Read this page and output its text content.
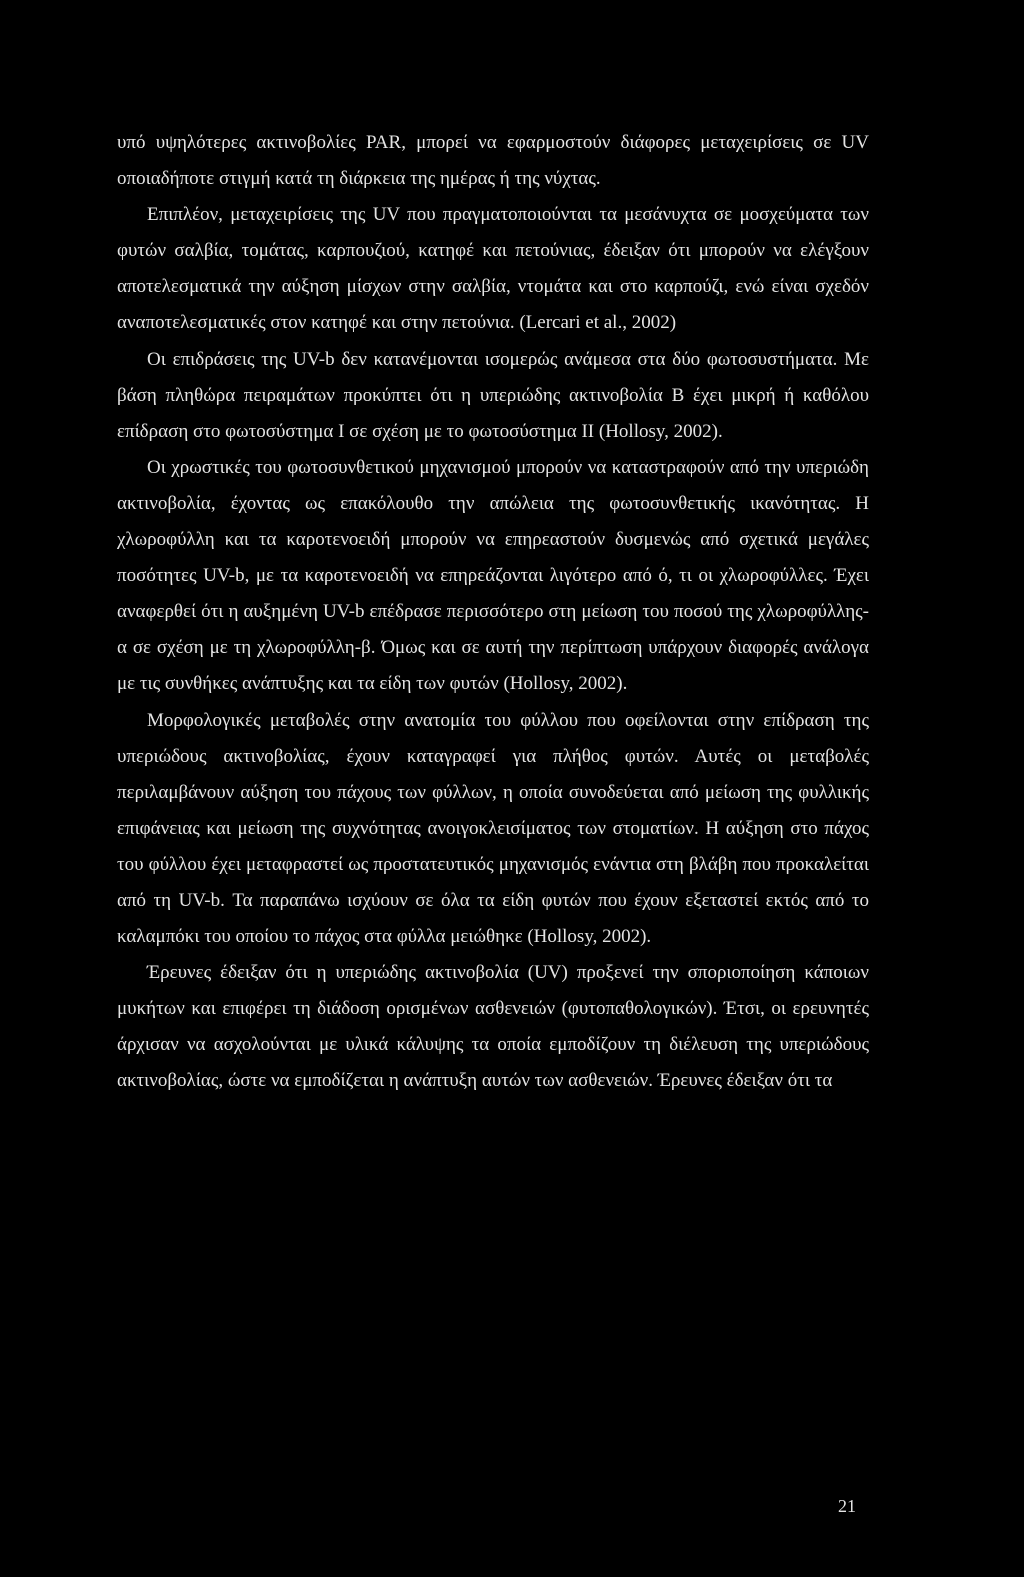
υπό υψηλότερες ακτινοβολίες PAR, μπορεί να εφαρμοστούν διάφορες μεταχειρίσεις σε UV οποιαδήποτε στιγμή κατά τη διάρκεια της ημέρας ή της νύχτας.

Επιπλέον, μεταχειρίσεις της UV που πραγματοποιούνται τα μεσάνυχτα σε μοσχεύματα των φυτών σαλβία, τομάτας, καρπουζιού, κατηφέ και πετούνιας, έδειξαν ότι μπορούν να ελέγξουν αποτελεσματικά την αύξηση μίσχων στην σαλβία, ντομάτα και στο καρπούζι, ενώ είναι σχεδόν αναποτελεσματικές στον κατηφέ και στην πετούνια. (Lercari et al., 2002)

Οι επιδράσεις της UV-b δεν κατανέμονται ισομερώς ανάμεσα στα δύο φωτοσυστήματα. Με βάση πληθώρα πειραμάτων προκύπτει ότι η υπεριώδης ακτινοβολία Β έχει μικρή ή καθόλου επίδραση στο φωτοσύστημα I σε σχέση με το φωτοσύστημα II (Hollosy, 2002).

Οι χρωστικές του φωτοσυνθετικού μηχανισμού μπορούν να καταστραφούν από την υπεριώδη ακτινοβολία, έχοντας ως επακόλουθο την απώλεια της φωτοσυνθετικής ικανότητας. Η χλωροφύλλη και τα καροτενοειδή μπορούν να επηρεαστούν δυσμενώς από σχετικά μεγάλες ποσότητες UV-b, με τα καροτενοειδή να επηρεάζονται λιγότερο από ό, τι οι χλωροφύλλες. Έχει αναφερθεί ότι η αυξημένη UV-b επέδρασε περισσότερο στη μείωση του ποσού της χλωροφύλλης-α σε σχέση με τη χλωροφύλλη-β. Όμως και σε αυτή την περίπτωση υπάρχουν διαφορές ανάλογα με τις συνθήκες ανάπτυξης και τα είδη των φυτών (Hollosy, 2002).

Μορφολογικές μεταβολές στην ανατομία του φύλλου που οφείλονται στην επίδραση της υπεριώδους ακτινοβολίας, έχουν καταγραφεί για πλήθος φυτών. Αυτές οι μεταβολές περιλαμβάνουν αύξηση του πάχους των φύλλων, η οποία συνοδεύεται από μείωση της φυλλικής επιφάνειας και μείωση της συχνότητας ανοιγοκλεισίματος των στοματίων. Η αύξηση στο πάχος του φύλλου έχει μεταφραστεί ως προστατευτικός μηχανισμός ενάντια στη βλάβη που προκαλείται από τη UV-b. Τα παραπάνω ισχύουν σε όλα τα είδη φυτών που έχουν εξεταστεί εκτός από το καλαμπόκι του οποίου το πάχος στα φύλλα μειώθηκε (Hollosy, 2002).

Έρευνες έδειξαν ότι η υπεριώδης ακτινοβολία (UV) προξενεί την σποριοποίηση κάποιων μυκήτων και επιφέρει τη διάδοση ορισμένων ασθενειών (φυτοπαθολογικών). Έτσι, οι ερευνητές άρχισαν να ασχολούνται με υλικά κάλυψης τα οποία εμποδίζουν τη διέλευση της υπεριώδους ακτινοβολίας, ώστε να εμποδίζεται η ανάπτυξη αυτών των ασθενειών. Έρευνες έδειξαν ότι τα

21
